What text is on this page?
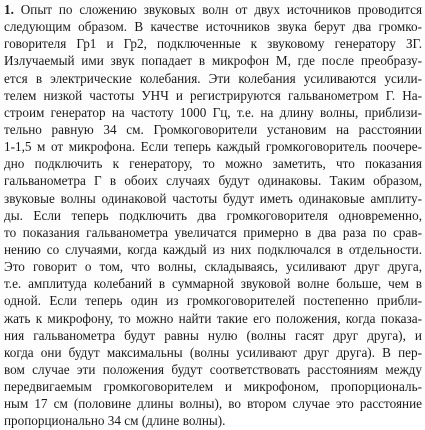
1. Опыт по сложению звуковых волн от двух источников проводится
следующим образом. В качестве источников звука берут два громко-
говорителя Гр1 и Гр2, подключенные к звуковому генератору ЗГ.
Излучаемый ими звук попадает в микрофон М, где после преобразу-
ется в электрические колебания. Эти колебания усиливаются усили-
телем низкой частоты УНЧ и регистрируются гальванометром Г. На-
строим генератор на частоту 1000 Гц, т.е. на длину волны, приблизи-
тельно равную 34 см. Громкоговорители установим на расстоянии
1-1,5 м от микрофона. Если теперь каждый громкоговоритель поочере-
дно подключить к генератору, то можно заметить, что показания
гальванометра Г в обоих случаях будут одинаковы. Таким образом,
звуковые волны одинаковой частоты будут иметь одинаковые амплиту-
ды. Если теперь подключить два громкоговорителя одновременно,
то показания гальванометра увеличатся примерно в два раза по срав-
нению со случаями, когда каждый из них подключался в отдельности.
Это говорит о том, что волны, складываясь, усиливают друг друга,
т.е. амплитуда колебаний в суммарной звуковой волне больше, чем в
одной. Если теперь один из громкоговорителей постепенно прибли-
жать к микрофону, то можно найти такие его положения, когда показа-
ния гальванометра будут равны нулю (волны гасят друг друга), и
когда они будут максимальны (волны усиливают друг друга). В пер-
вом случае эти положения будут соответствовать расстояниям между
передвигаемым громкоговорителем и микрофоном, пропорциональ-
ным 17 см (половине длины волны), во втором случае это расстояние
пропорционально 34 см (длине волны).
